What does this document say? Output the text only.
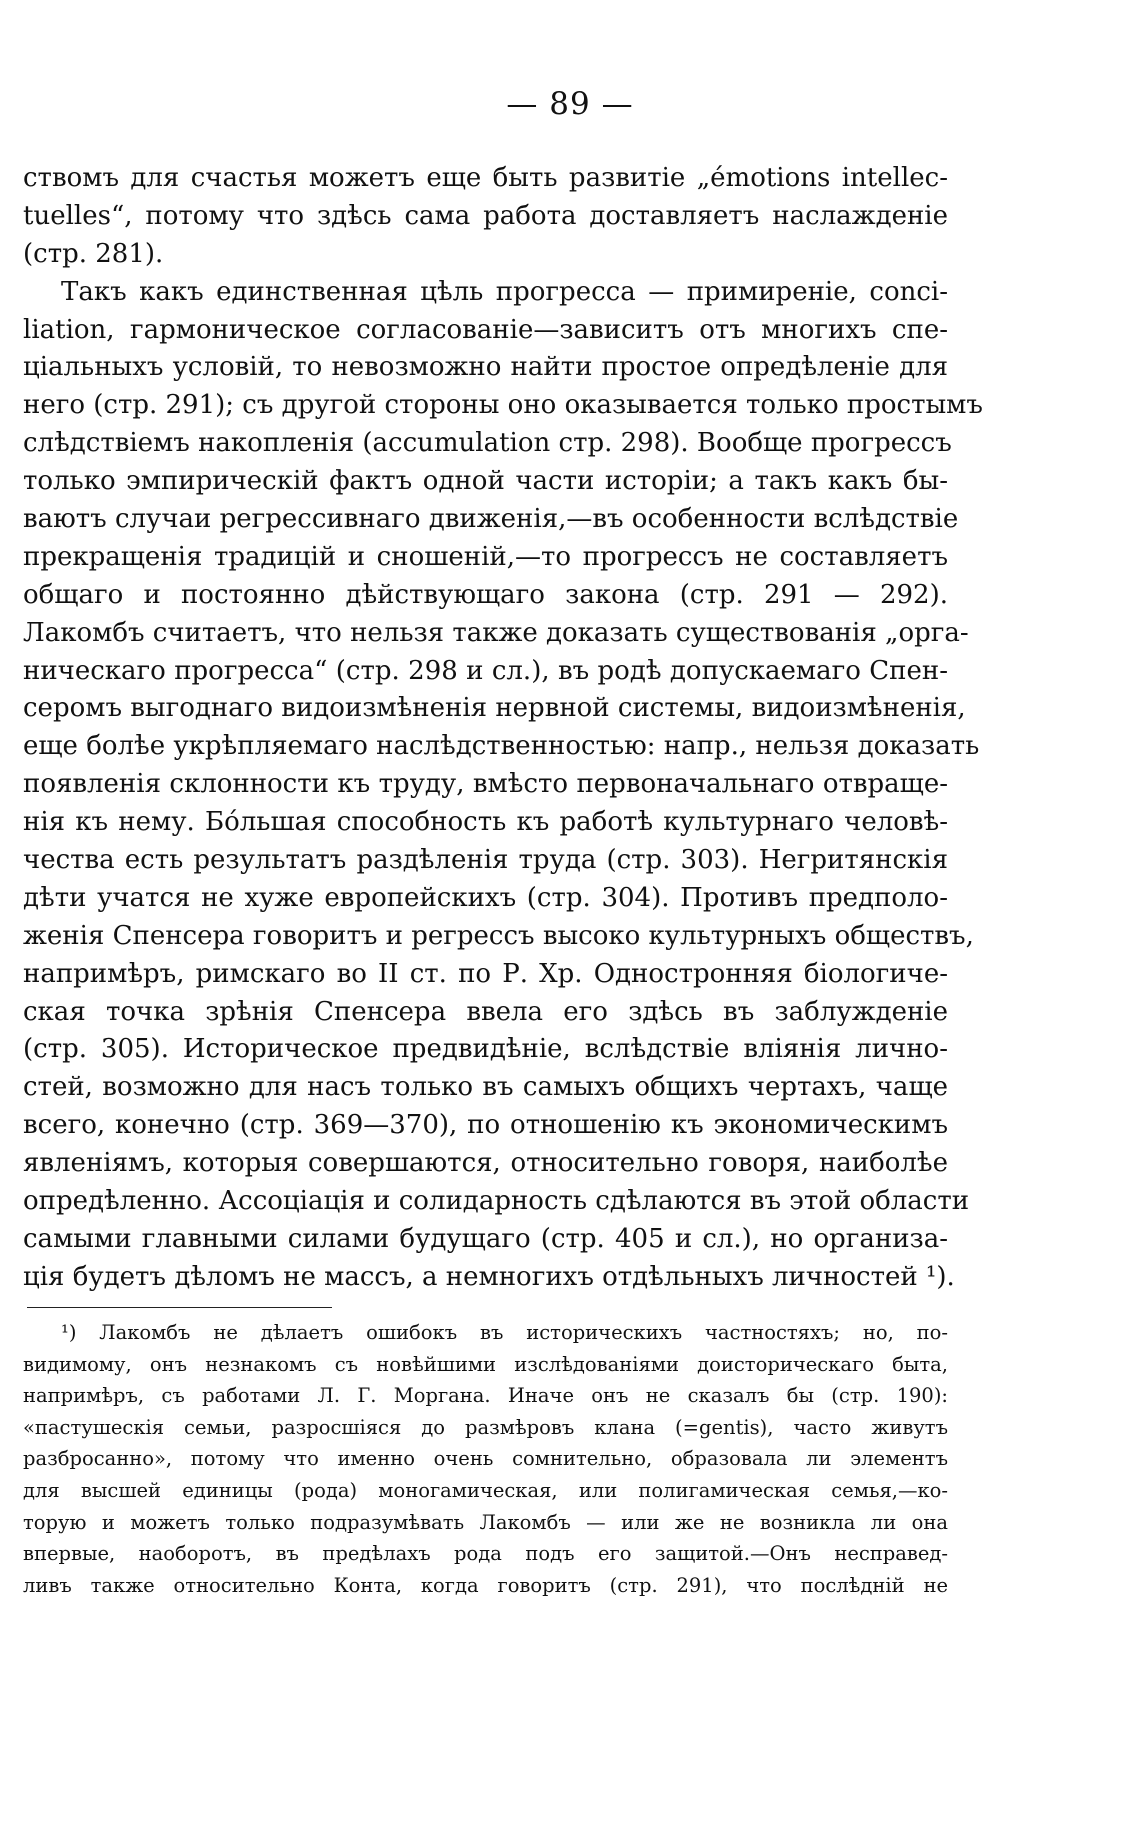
— 89 —
ствомъ для счастья можетъ еще быть развитіе „émotions intellec-
tuelles“, потому что здѣсь сама работа доставляетъ наслажденіе
(стр. 281).
Такъ какъ единственная цѣль прогресса — примиреніе, conci-
liation, гармоническое согласованіе—зависитъ отъ многихъ спе-
ціальныхъ условій, то невозможно найти простое опредѣленіе для
него (стр. 291); съ другой стороны оно оказывается только простымъ
слѣдствіемъ накопленія (accumulation стр. 298). Вообще прогрессъ
только эмпирическій фактъ одной части исторіи; а такъ какъ бы-
ваютъ случаи регрессивнаго движенія,—въ особенности вслѣдствіе
прекращенія традицій и сношеній,—то прогрессъ не составляетъ
общаго и постоянно дѣйствующаго закона (стр. 291 — 292).
Лакомбъ считаетъ, что нельзя также доказать существованія „орга-
ническаго прогресса“ (стр. 298 и сл.), въ родѣ допускаемаго Спен-
серомъ выгоднаго видоизмѣненія нервной системы, видоизмѣненія,
еще болѣе укрѣпляемаго наслѣдственностью: напр., нельзя доказать
появленія склонности къ труду, вмѣсто первоначальнаго отвраще-
нія къ нему. Бо́льшая способность къ работѣ культурнаго человѣ-
чества есть результатъ раздѣленія труда (стр. 303). Негритянскія
дѣти учатся не хуже европейскихъ (стр. 304). Противъ предполо-
женія Спенсера говоритъ и регрессъ высоко культурныхъ обществъ,
напримѣръ, римскаго во II ст. по Р. Хр. Одностронняя біологиче-
ская точка зрѣнія Спенсера ввела его здѣсь въ заблужденіе
(стр. 305). Историческое предвидѣніе, вслѣдствіе вліянія лично-
стей, возможно для насъ только въ самыхъ общихъ чертахъ, чаще
всего, конечно (стр. 369—370), по отношенію къ экономическимъ
явленіямъ, которыя совершаются, относительно говоря, наиболѣе
опредѣленно. Ассоціація и солидарность сдѣлаются въ этой области
самыми главными силами будущаго (стр. 405 и сл.), но организа-
ція будетъ дѣломъ не массъ, а немногихъ отдѣльныхъ личностей ¹).
¹) Лакомбъ не дѣлаетъ ошибокъ въ историческихъ частностяхъ; но, по-
видимому, онъ незнакомъ съ новѣйшими изслѣдованіями доисторическаго быта,
напримѣръ, съ работами Л. Г. Моргана. Иначе онъ не сказалъ бы (стр. 190):
«пастушескія семьи, разросшіяся до размѣровъ клана (=gentis), часто живутъ
разбросанно», потому что именно очень сомнительно, образовала ли элементъ
для высшей единицы (рода) моногамическая, или полигамическая семья,—ко-
торую и можетъ только подразумѣвать Лакомбъ — или же не возникла ли она
впервые, наоборотъ, въ предѣлахъ рода подъ его защитой.—Онъ несправед-
ливъ также относительно Конта, когда говоритъ (стр. 291), что послѣдній не
